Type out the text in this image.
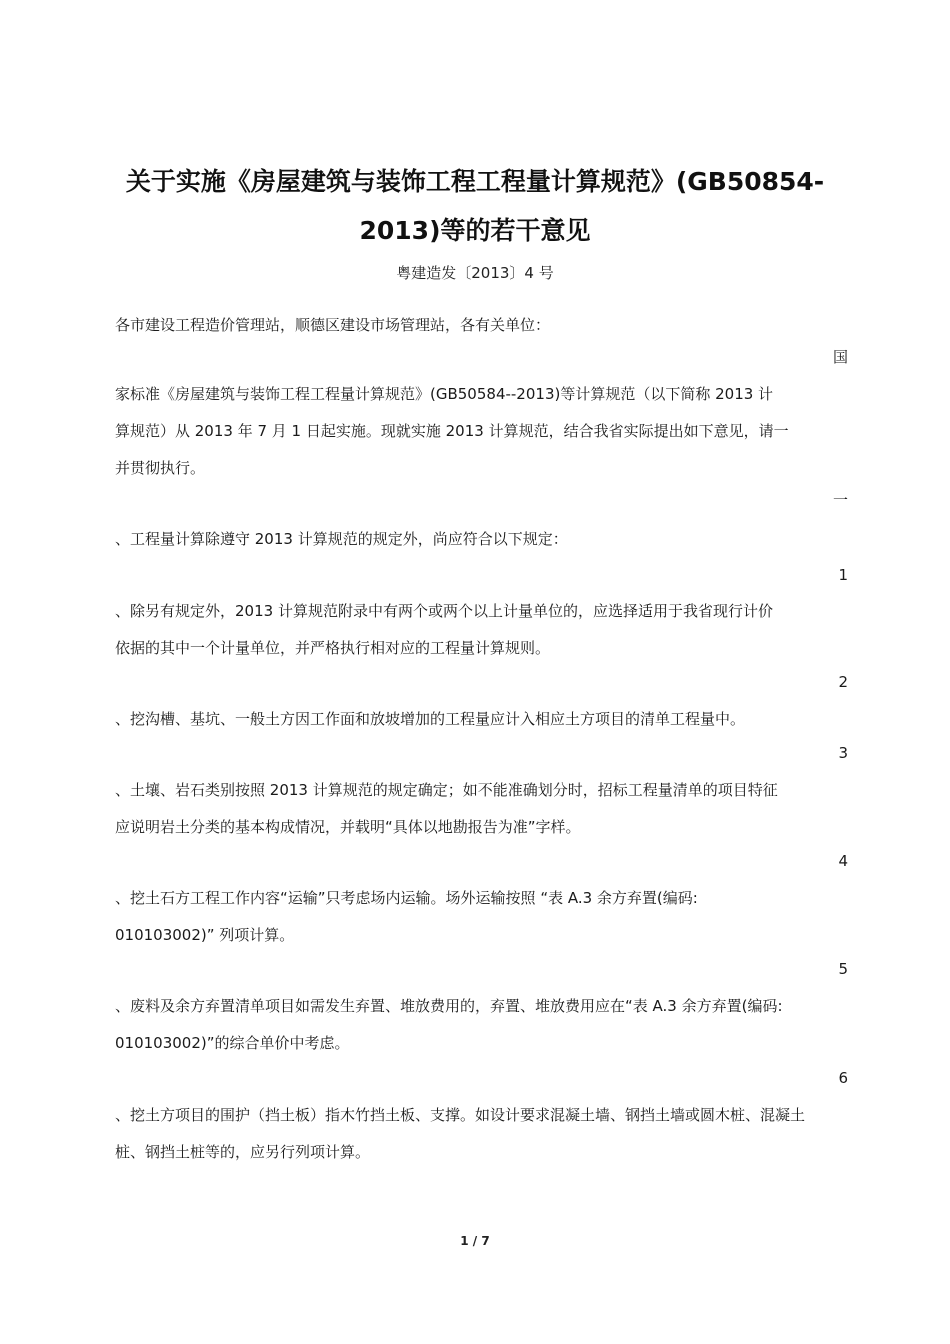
关于实施《房屋建筑与装饰工程工程量计算规范》(GB50854-
2013)等的若干意见
粤建造发〔2013〕4 号
各市建设工程造价管理站，顺德区建设市场管理站，各有关单位：
国
家标准《房屋建筑与装饰工程工程量计算规范》(GB50584--2013)等计算规范（以下简称 2013 计
算规范）从 2013 年 7 月 1 日起实施。现就实施 2013 计算规范，结合我省实际提出如下意见，请一
并贯彻执行。
一
、工程量计算除遵守 2013 计算规范的规定外，尚应符合以下规定：
1
、除另有规定外，2013 计算规范附录中有两个或两个以上计量单位的，应选择适用于我省现行计价
依据的其中一个计量单位，并严格执行相对应的工程量计算规则。
2
、挖沟槽、基坑、一般土方因工作面和放坡增加的工程量应计入相应土方项目的清单工程量中。
3
、土壤、岩石类别按照 2013 计算规范的规定确定；如不能准确划分时，招标工程量清单的项目特征
应说明岩土分类的基本构成情况，并载明“具体以地勘报告为准”字样。
4
、挖土石方工程工作内容“运输”只考虑场内运输。场外运输按照 “表 A.3 余方弃置(编码:
010103002)” 列项计算。
5
、废料及余方弃置清单项目如需发生弃置、堆放费用的，弃置、堆放费用应在“表 A.3 余方弃置(编码:
010103002)”的综合单价中考虑。
6
、挖土方项目的围护（挡土板）指木竹挡土板、支撑。如设计要求混凝土墙、钢挡土墙或圆木桩、混凝土
桩、钢挡土桩等的，应另行列项计算。
1 / 7
